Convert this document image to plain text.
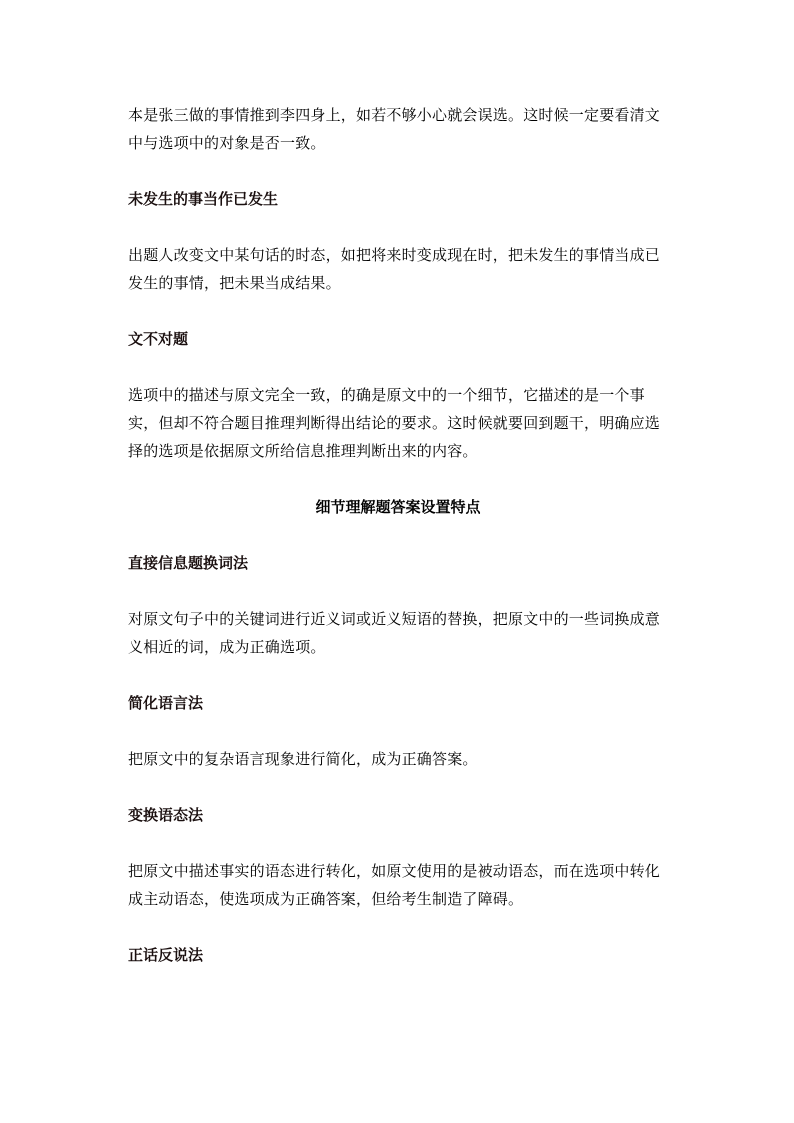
本是张三做的事情推到李四身上，如若不够小心就会误选。这时候一定要看清文中与选项中的对象是否一致。

未发生的事当作已发生

出题人改变文中某句话的时态，如把将来时变成现在时，把未发生的事情当成已发生的事情，把未果当成结果。

文不对题

选项中的描述与原文完全一致，的确是原文中的一个细节，它描述的是一个事实，但却不符合题目推理判断得出结论的要求。这时候就要回到题干，明确应选择的选项是依据原文所给信息推理判断出来的内容。

细节理解题答案设置特点

直接信息题换词法

对原文句子中的关键词进行近义词或近义短语的替换，把原文中的一些词换成意义相近的词，成为正确选项。

简化语言法

把原文中的复杂语言现象进行简化，成为正确答案。

变换语态法

把原文中描述事实的语态进行转化，如原文使用的是被动语态，而在选项中转化成主动语态，使选项成为正确答案，但给考生制造了障碍。

正话反说法
